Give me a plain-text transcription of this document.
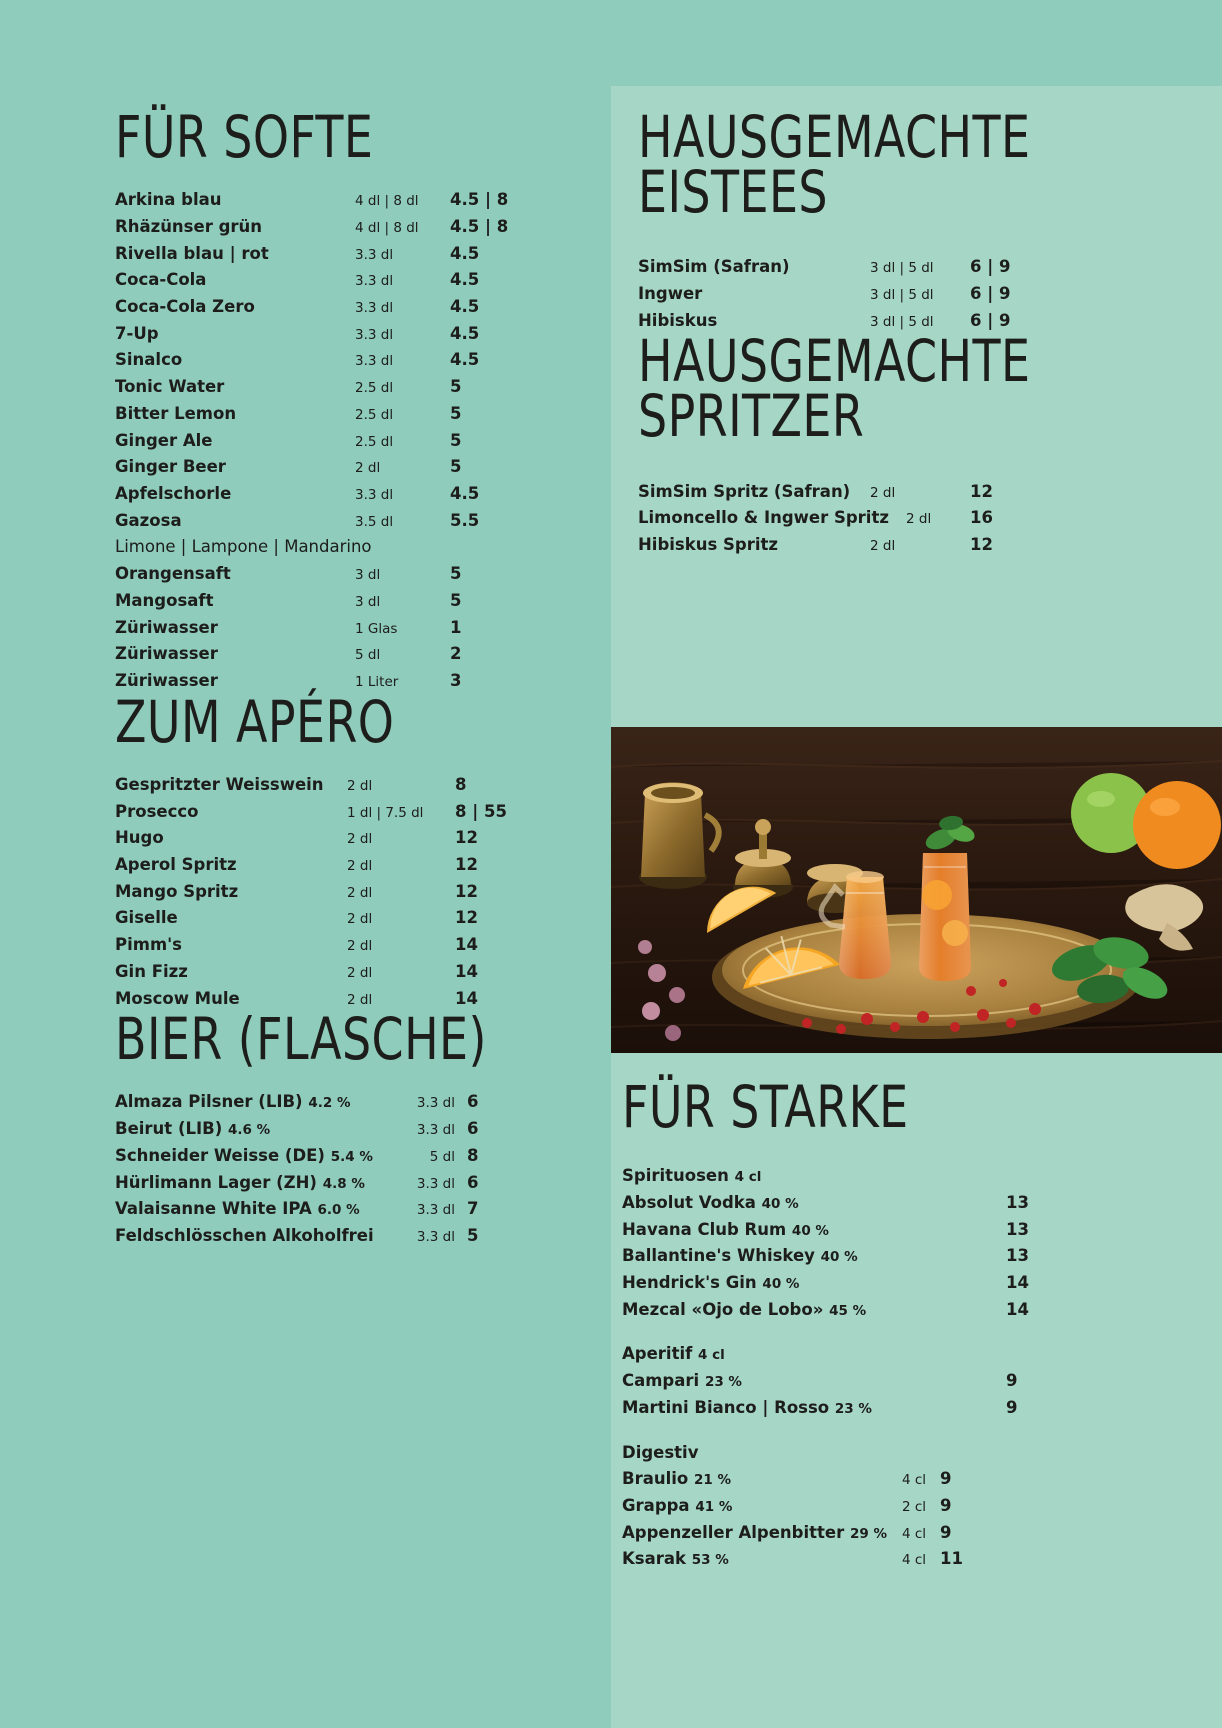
FÜR SOFTE
Arkina blau	4 dl | 8 dl	4.5 | 8
Rhäzünser grün	4 dl | 8 dl	4.5 | 8
Rivella blau | rot	3.3 dl	4.5
Coca-Cola	3.3 dl	4.5
Coca-Cola Zero	3.3 dl	4.5
7-Up	3.3 dl	4.5
Sinalco	3.3 dl	4.5
Tonic Water	2.5 dl	5
Bitter Lemon	2.5 dl	5
Ginger Ale	2.5 dl	5
Ginger Beer	2 dl	5
Apfelschorle	3.3 dl	4.5
Gazosa	3.5 dl	5.5
Limone | Lampone | Mandarino
Orangensaft	3 dl	5
Mangosaft	3 dl	5
Züriwasser	1 Glas	1
Züriwasser	5 dl	2
Züriwasser	1 Liter	3
ZUM APÉRO
Gespritzter Weisswein	2 dl	8
Prosecco	1 dl | 7.5 dl	8 | 55
Hugo	2 dl	12
Aperol Spritz	2 dl	12
Mango Spritz	2 dl	12
Giselle	2 dl	12
Pimm's	2 dl	14
Gin Fizz	2 dl	14
Moscow Mule	2 dl	14
BIER (FLASCHE)
Almaza Pilsner (LIB) 4.2 %	3.3 dl 6
Beirut (LIB) 4.6 %	3.3 dl 6
Schneider Weisse (DE) 5.4 %	5 dl 8
Hürlimann Lager (ZH) 4.8 %	3.3 dl 6
Valaisanne White IPA 6.0 %	3.3 dl 7
Feldschlösschen Alkoholfrei	3.3 dl 5
HAUSGEMACHTE EISTEES
SimSim (Safran)	3 dl | 5 dl	6 | 9
Ingwer	3 dl | 5 dl	6 | 9
Hibiskus	3 dl | 5 dl	6 | 9
HAUSGEMACHTE SPRITZER
SimSim Spritz (Safran)	2 dl	12
Limoncello & Ingwer Spritz	2 dl	16
Hibiskus Spritz	2 dl	12
FÜR STARKE
Spirituosen 4 cl
Absolut Vodka 40 %	13
Havana Club Rum 40 %	13
Ballantine's Whiskey 40 %	13
Hendrick's Gin 40 %	14
Mezcal «Ojo de Lobo» 45 %	14
Aperitif 4 cl
Campari 23 %	9
Martini Bianco | Rosso 23 %	9
Digestiv
Braulio 21 %	4 cl 9
Grappa 41 %	2 cl 9
Appenzeller Alpenbitter 29 %	4 cl 9
Ksarak 53 %	4 cl 11
